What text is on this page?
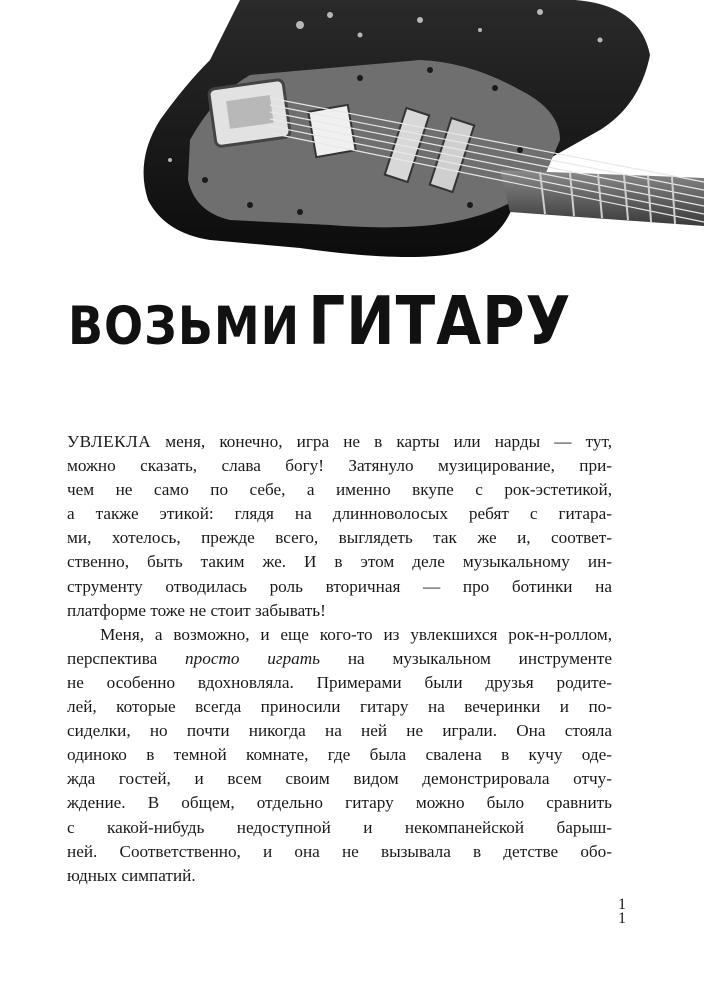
ВОЗЬМИ ГИТАРУ

УВЛЕКЛА меня, конечно, игра не в карты или нарды — тут,
можно сказать, слава богу! Затянуло музицирование, при-
чем не само по себе, а именно вкупе с рок-эстетикой,
а также этикой: глядя на длинноволосых ребят с гитара-
ми, хотелось, прежде всего, выглядеть так же и, соответ-
ственно, быть таким же. И в этом деле музыкальному ин-
струменту отводилась роль вторичная — про ботинки на
платформе тоже не стоит забывать!

Меня, а возможно, и еще кого-то из увлекшихся рок-н-роллом,
перспектива просто играть на музыкальном инструменте
не особенно вдохновляла. Примерами были друзья родите-
лей, которые всегда приносили гитару на вечеринки и по-
сиделки, но почти никогда на ней не играли. Она стояла
одиноко в темной комнате, где была свалена в кучу оде-
жда гостей, и всем своим видом демонстрировала отчу-
ждение. В общем, отдельно гитару можно было сравнить
с какой-нибудь недоступной и некомпанейской барыш-
ней. Соответственно, и она не вызывала в детстве обо-
юдных симпатий.

1
1
